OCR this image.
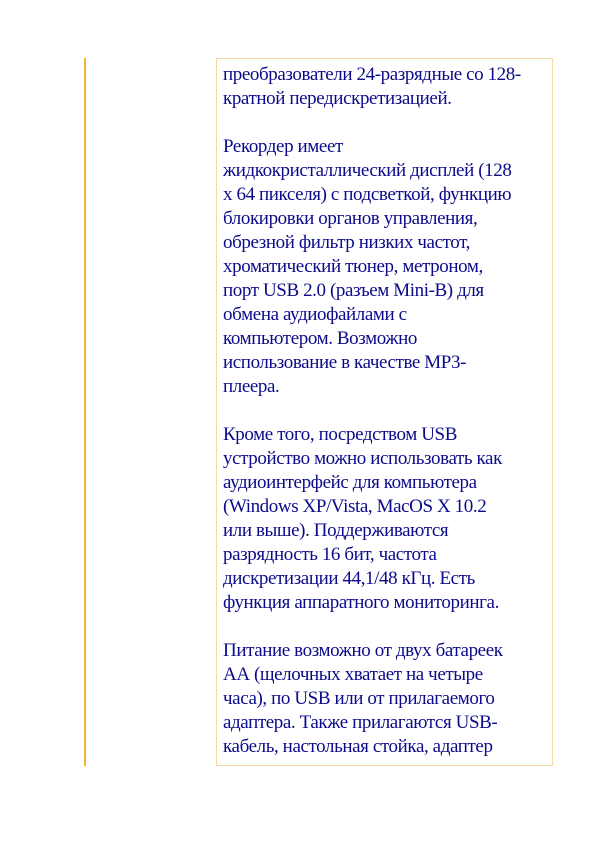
преобразователи 24-разрядные со 128-
кратной передискретизацией.

Рекордер имеет
жидкокристаллический дисплей (128
х 64 пикселя) с подсветкой, функцию
блокировки органов управления,
обрезной фильтр низких частот,
хроматический тюнер, метроном,
порт USB 2.0 (разъем Mini-B) для
обмена аудиофайлами с
компьютером. Возможно
использование в качестве MP3-
плеера.

Кроме того, посредством USB
устройство можно использовать как
аудиоинтерфейс для компьютера
(Windows XP/Vista, MacOS X 10.2
или выше). Поддерживаются
разрядность 16 бит, частота
дискретизации 44,1/48 кГц. Есть
функция аппаратного мониторинга.

Питание возможно от двух батареек
АА (щелочных хватает на четыре
часа), по USB или от прилагаемого
адаптера. Также прилагаются USB-
кабель, настольная стойка, адаптер
